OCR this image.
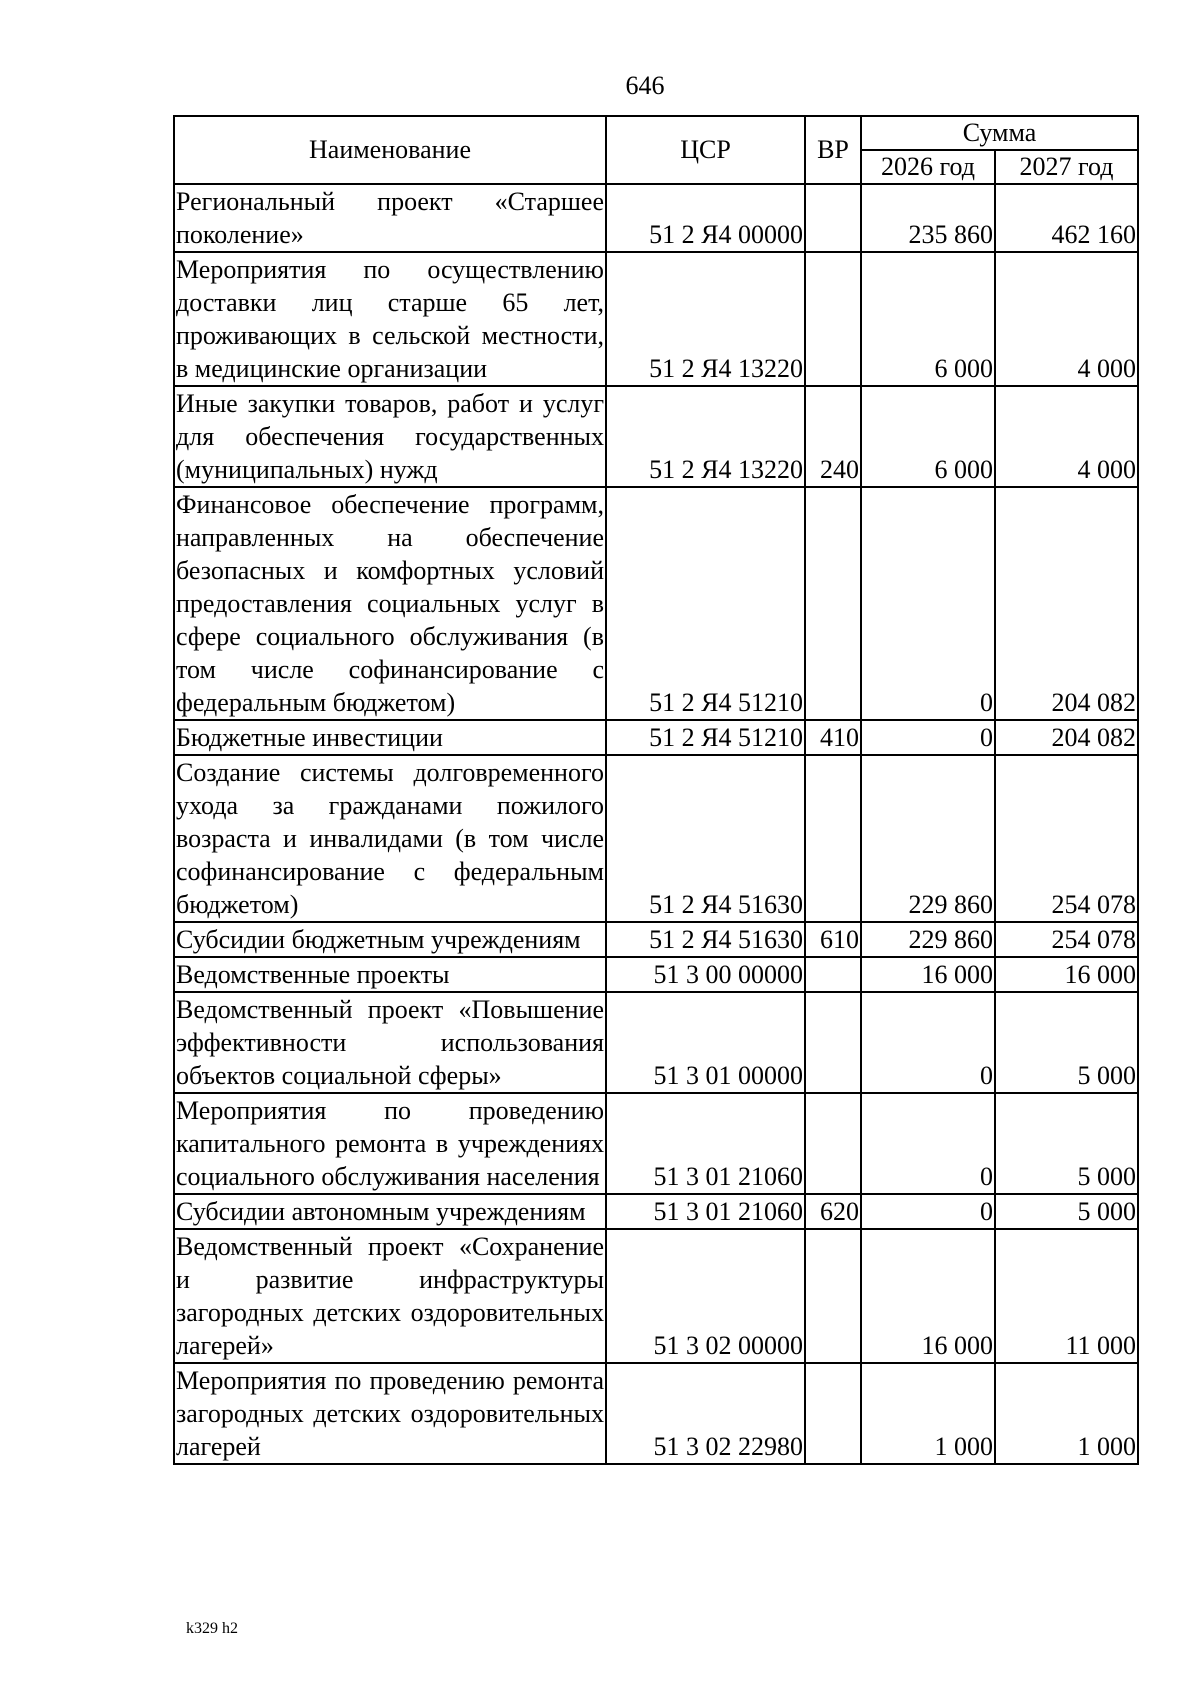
646
Наименование	ЦСР	ВР	Сумма	
			2026 год	2027 год
Региональный проект «Старшее поколение»	51 2 Я4 00000		235 860	462 160
Мероприятия по осуществлению доставки лиц старше 65 лет, проживающих в сельской местности, в медицинские организации	51 2 Я4 13220		6 000	4 000
Иные закупки товаров, работ и услуг для обеспечения государственных (муниципальных) нужд	51 2 Я4 13220	240	6 000	4 000
Финансовое обеспечение программ, направленных на обеспечение безопасных и комфортных условий предоставления социальных услуг в сфере социального обслуживания (в том числе софинансирование с федеральным бюджетом)	51 2 Я4 51210		0	204 082
Бюджетные инвестиции	51 2 Я4 51210	410	0	204 082
Создание системы долговременного ухода за гражданами пожилого возраста и инвалидами (в том числе софинансирование с федеральным бюджетом)	51 2 Я4 51630		229 860	254 078
Субсидии бюджетным учреждениям	51 2 Я4 51630	610	229 860	254 078
Ведомственные проекты	51 3 00 00000		16 000	16 000
Ведомственный проект «Повышение эффективности использования объектов социальной сферы»	51 3 01 00000		0	5 000
Мероприятия по проведению капитального ремонта в учреждениях социального обслуживания населения	51 3 01 21060		0	5 000
Субсидии автономным учреждениям	51 3 01 21060	620	0	5 000
Ведомственный проект «Сохранение и развитие инфраструктуры загородных детских оздоровительных лагерей»	51 3 02 00000		16 000	11 000
Мероприятия по проведению ремонта загородных детских оздоровительных лагерей	51 3 02 22980		1 000	1 000
k329 h2
